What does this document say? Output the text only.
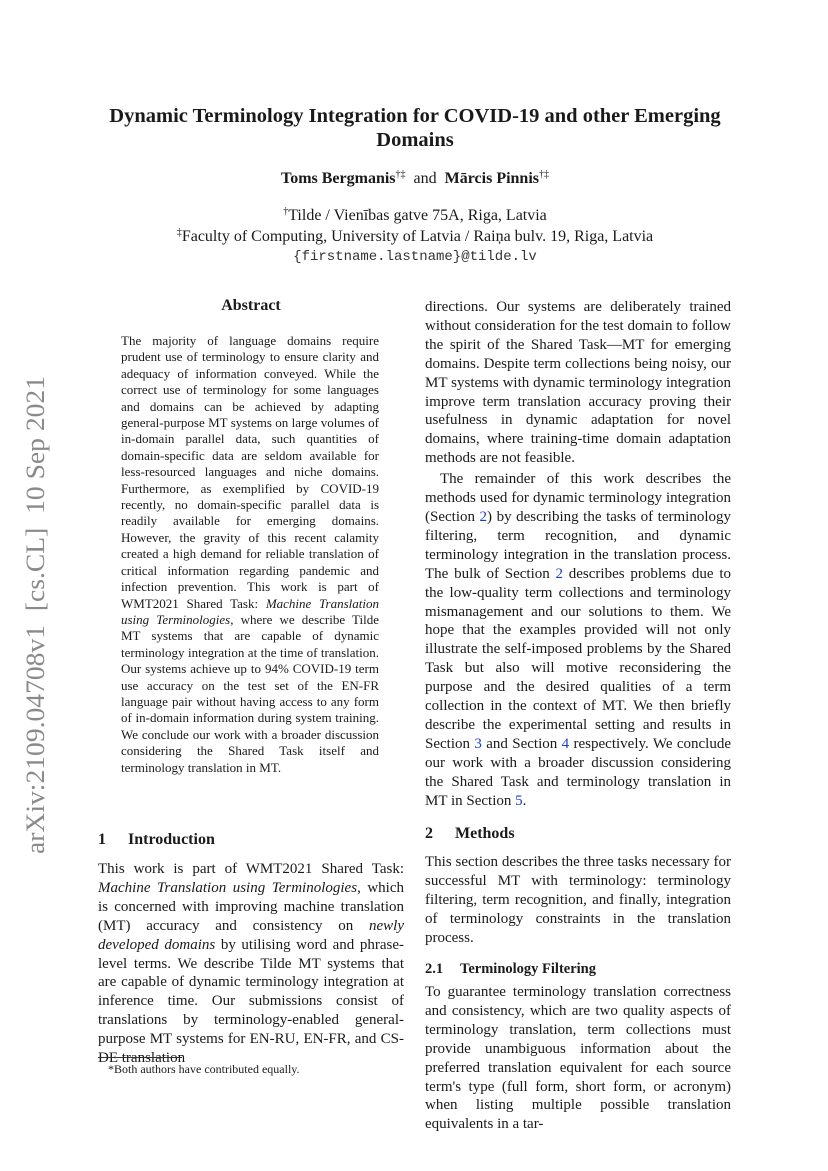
arXiv:2109.04708v1  [cs.CL]  10 Sep 2021
Dynamic Terminology Integration for COVID-19 and other Emerging Domains
Toms Bergmanis†‡ and Mārcis Pinnis†‡
†Tilde / Vienības gatve 75A, Riga, Latvia
‡Faculty of Computing, University of Latvia / Raiņa bulv. 19, Riga, Latvia
{firstname.lastname}@tilde.lv
Abstract
The majority of language domains require prudent use of terminology to ensure clarity and adequacy of information conveyed. While the correct use of terminology for some languages and domains can be achieved by adapting general-purpose MT systems on large volumes of in-domain parallel data, such quantities of domain-specific data are seldom available for less-resourced languages and niche domains. Furthermore, as exemplified by COVID-19 recently, no domain-specific parallel data is readily available for emerging domains. However, the gravity of this recent calamity created a high demand for reliable translation of critical information regarding pandemic and infection prevention. This work is part of WMT2021 Shared Task: Machine Translation using Terminologies, where we describe Tilde MT systems that are capable of dynamic terminology integration at the time of translation. Our systems achieve up to 94% COVID-19 term use accuracy on the test set of the EN-FR language pair without having access to any form of in-domain information during system training. We conclude our work with a broader discussion considering the Shared Task itself and terminology translation in MT.
1 Introduction

This work is part of WMT2021 Shared Task: Machine Translation using Terminologies, which is concerned with improving machine translation (MT) accuracy and consistency on newly developed domains by utilising word and phrase-level terms. We describe Tilde MT systems that are capable of dynamic terminology integration at inference time. Our submissions consist of translations by terminology-enabled general-purpose MT systems for EN-RU, EN-FR, and CS-DE translation

directions. Our systems are deliberately trained without consideration for the test domain to follow the spirit of the Shared Task—MT for emerging domains. Despite term collections being noisy, our MT systems with dynamic terminology integration improve term translation accuracy proving their usefulness in dynamic adaptation for novel domains, where training-time domain adaptation methods are not feasible.

The remainder of this work describes the methods used for dynamic terminology integration (Section 2) by describing the tasks of terminology filtering, term recognition, and dynamic terminology integration in the translation process. The bulk of Section 2 describes problems due to the low-quality term collections and terminology mismanagement and our solutions to them. We hope that the examples provided will not only illustrate the self-imposed problems by the Shared Task but also will motive reconsidering the purpose and the desired qualities of a term collection in the context of MT. We then briefly describe the experimental setting and results in Section 3 and Section 4 respectively. We conclude our work with a broader discussion considering the Shared Task and terminology translation in MT in Section 5.

2 Methods

This section describes the three tasks necessary for successful MT with terminology: terminology filtering, term recognition, and finally, integration of terminology constraints in the translation process.

2.1 Terminology Filtering

To guarantee terminology translation correctness and consistency, which are two quality aspects of terminology translation, term collections must provide unambiguous information about the preferred translation equivalent for each source term's type (full form, short form, or acronym) when listing multiple possible translation equivalents in a tar-

*Both authors have contributed equally.
